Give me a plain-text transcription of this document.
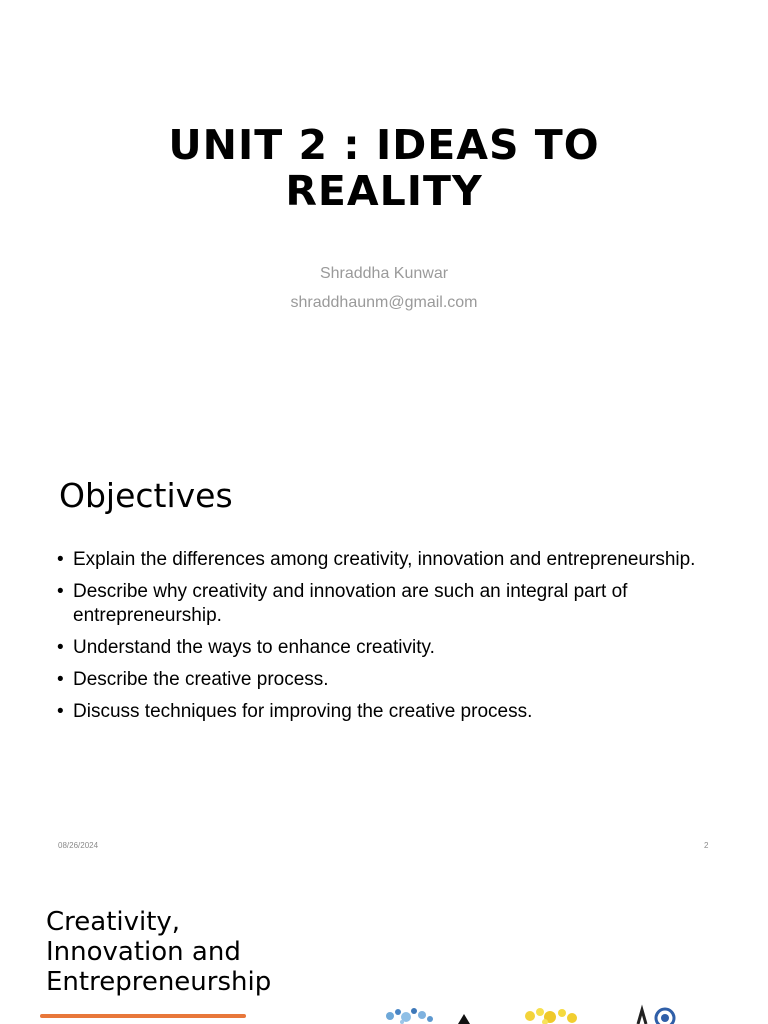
UNIT 2 : IDEAS TO
REALITY
Shraddha Kunwar
shraddhaunm@gmail.com
Objectives
• Explain the differences among creativity, innovation and entrepreneurship.
• Describe why creativity and innovation are such an integral part of entrepreneurship.
• Understand the ways to enhance creativity.
• Describe the creative process.
• Discuss techniques for improving the creative process.
08/26/2024	2
Creativity,
Innovation and
Entrepreneurship
